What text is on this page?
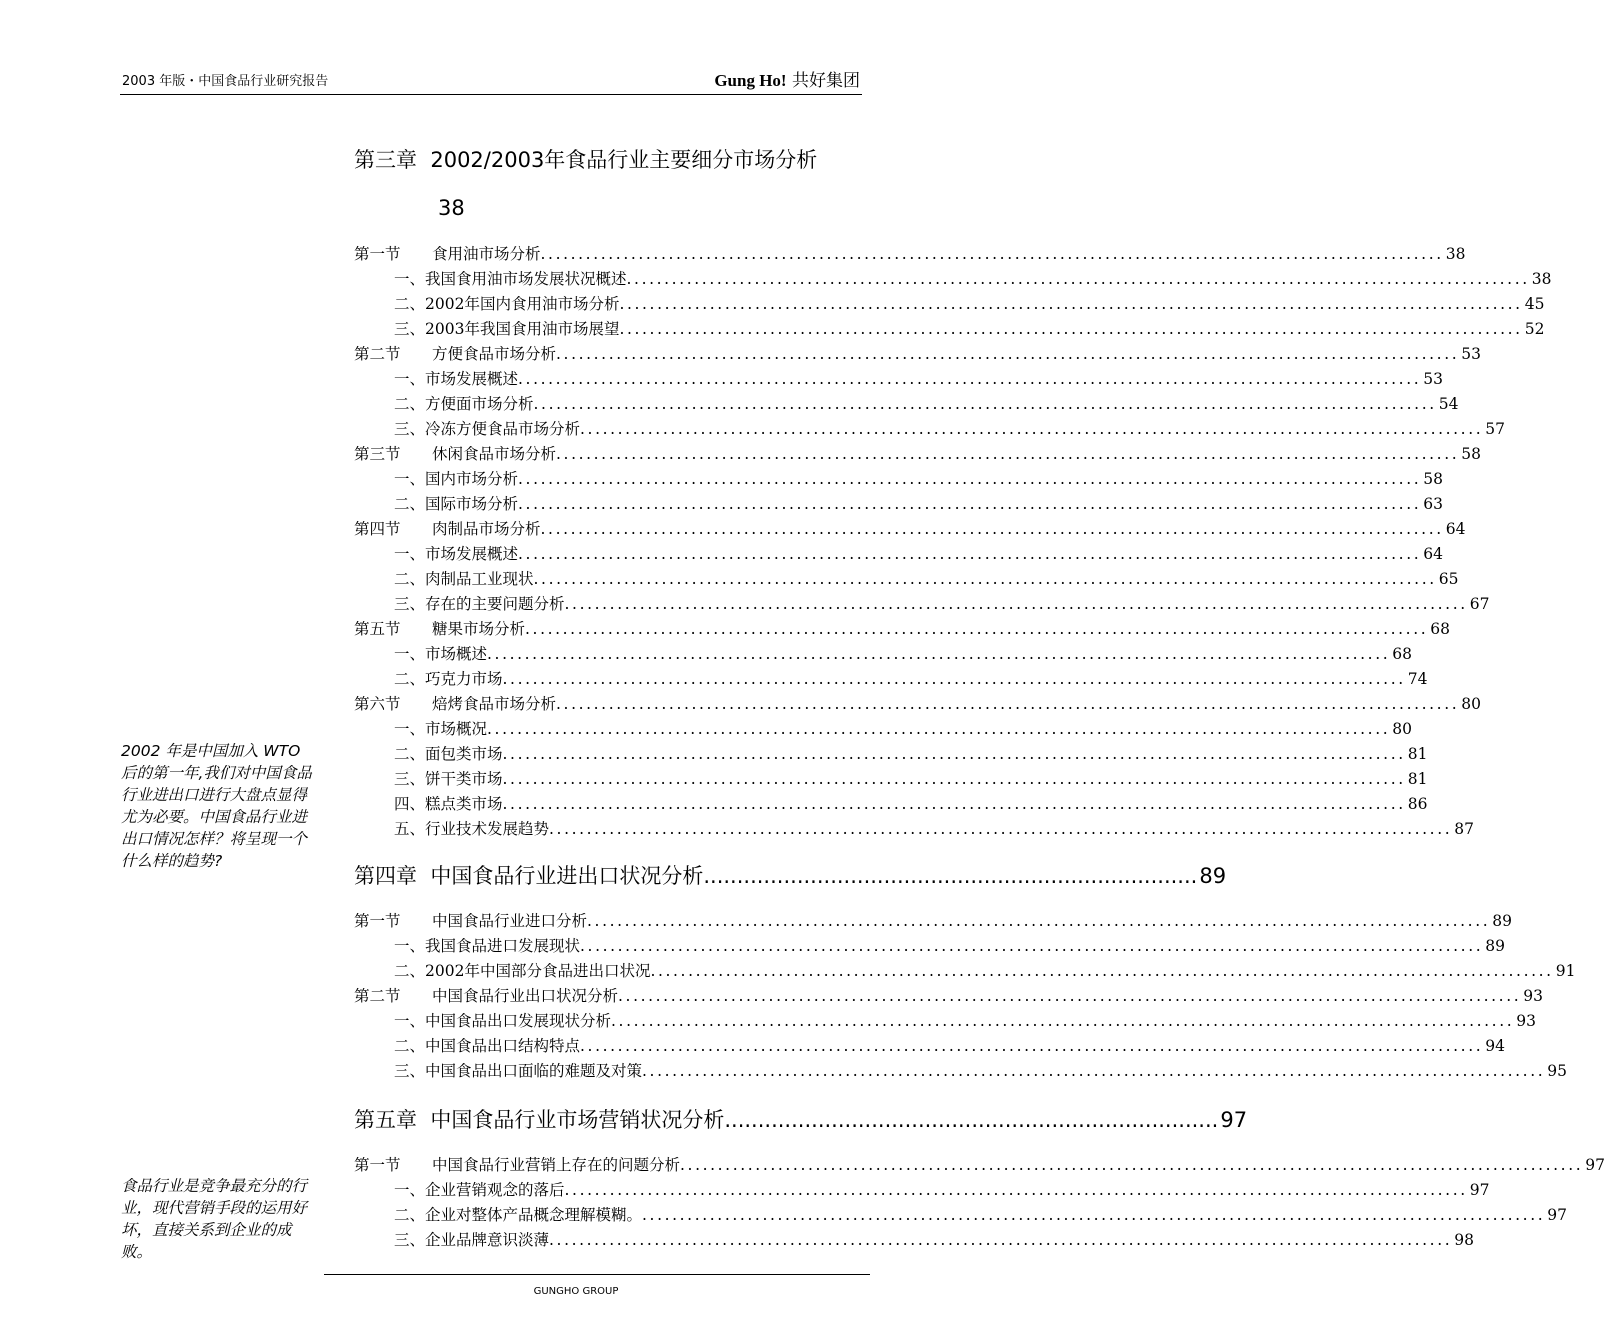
2003 年版・中国食品行业研究报告	Gung Ho! 共好集团
第三章  2002/2003年食品行业主要细分市场分析
38
第一节	食用油市场分析 ........................................................................................................................ 38
一、我国食用油市场发展状况概述 ........................................................................................................................ 38
二、2002年国内食用油市场分析 ........................................................................................................................ 45
三、2003年我国食用油市场展望 ........................................................................................................................ 52
第二节	方便食品市场分析 ........................................................................................................................ 53
一、市场发展概述 ........................................................................................................................ 53
二、方便面市场分析 ........................................................................................................................ 54
三、冷冻方便食品市场分析 ........................................................................................................................ 57
第三节	休闲食品市场分析 ........................................................................................................................ 58
一、国内市场分析 ........................................................................................................................ 58
二、国际市场分析 ........................................................................................................................ 63
第四节	肉制品市场分析 ........................................................................................................................ 64
一、市场发展概述 ........................................................................................................................ 64
二、肉制品工业现状 ........................................................................................................................ 65
三、存在的主要问题分析 ........................................................................................................................ 67
第五节	糖果市场分析 ........................................................................................................................ 68
一、市场概述 ........................................................................................................................ 68
二、巧克力市场 ........................................................................................................................ 74
第六节	焙烤食品市场分析 ........................................................................................................................ 80
一、市场概况 ........................................................................................................................ 80
二、面包类市场 ........................................................................................................................ 81
三、饼干类市场 ........................................................................................................................ 81
四、糕点类市场 ........................................................................................................................ 86
五、行业技术发展趋势 ........................................................................................................................ 87
第四章  中国食品行业进出口状况分析 .......................................................................... 89
第一节	中国食品行业进口分析 ........................................................................................................................ 89
一、我国食品进口发展现状 ........................................................................................................................ 89
二、2002年中国部分食品进出口状况 ........................................................................................................................ 91
第二节	中国食品行业出口状况分析 ........................................................................................................................ 93
一、中国食品出口发展现状分析 ........................................................................................................................ 93
二、中国食品出口结构特点 ........................................................................................................................ 94
三、中国食品出口面临的难题及对策 ........................................................................................................................ 95
第五章  中国食品行业市场营销状况分析 .......................................................................... 97
第一节	中国食品行业营销上存在的问题分析 ........................................................................................................................ 97
一、企业营销观念的落后 ........................................................................................................................ 97
二、企业对整体产品概念理解模糊。 ........................................................................................................................ 97
三、企业品牌意识淡薄 ........................................................................................................................ 98
2002 年是中国加入 WTO 后的第一年,我们对中国食品行业进出口进行大盘点显得尤为必要。中国食品行业进出口情况怎样？将呈现一个什么样的趋势?
食品行业是竞争最充分的行业，现代营销手段的运用好坏，直接关系到企业的成败。
GUNGHO GROUP
